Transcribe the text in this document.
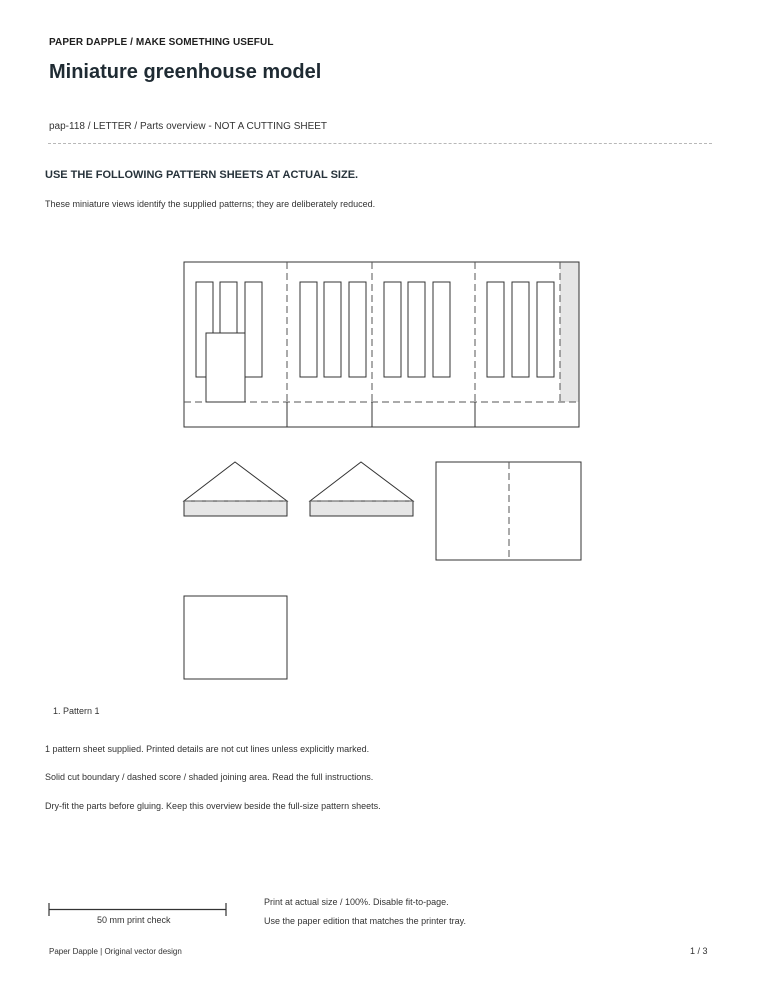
PAPER DAPPLE / MAKE SOMETHING USEFUL
Miniature greenhouse model
pap-118 / LETTER / Parts overview - NOT A CUTTING SHEET
USE THE FOLLOWING PATTERN SHEETS AT ACTUAL SIZE.
These miniature views identify the supplied patterns; they are deliberately reduced.
1. Pattern 1
1 pattern sheet supplied. Printed details are not cut lines unless explicitly marked.
Solid cut boundary / dashed score / shaded joining area. Read the full instructions.
Dry-fit the parts before gluing. Keep this overview beside the full-size pattern sheets.
50 mm print check
Print at actual size / 100%. Disable fit-to-page.
Use the paper edition that matches the printer tray.
Paper Dapple | Original vector design	1 / 3
